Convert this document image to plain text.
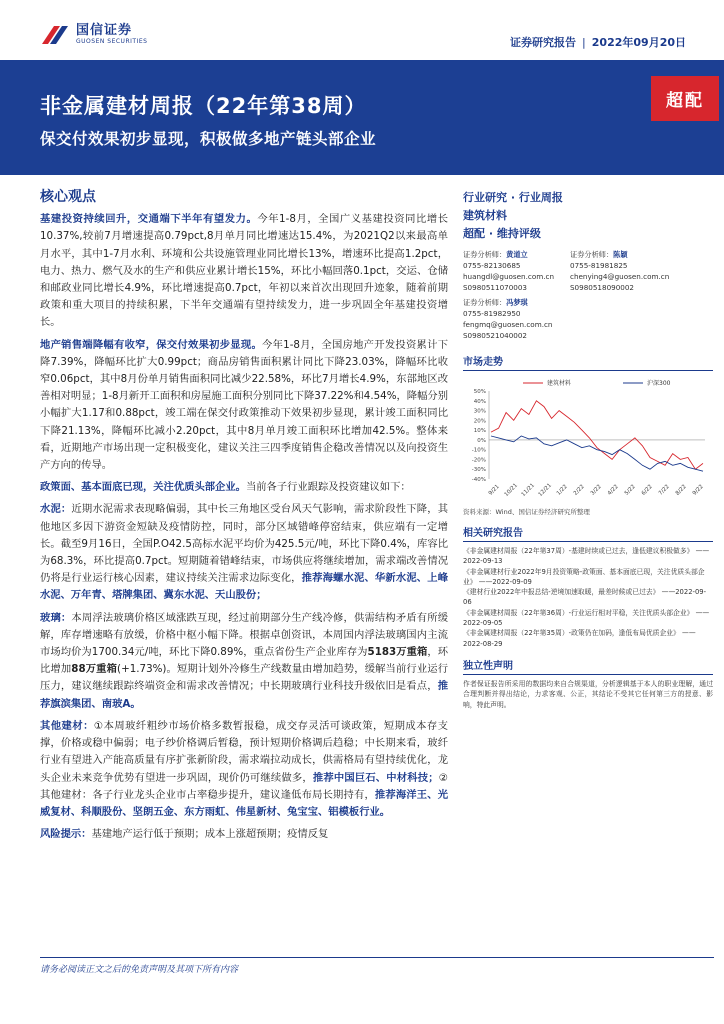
国信证券
GUOSEN SECURITIES	证券研究报告 | 2022年09月20日
非金属建材周报（22年第38周）
保交付效果初步显现，积极做多地产链头部企业
超配
核心观点
基建投资持续回升，交通端下半年有望发力。今年1-8月，全国广义基建投资同比增长10.37%,较前7月增速提高0.79pct,8月单月同比增速达15.4%，为2021Q2以来最高单月水平，其中1-7月水利、环境和公共设施管理业同比增长13%，增速环比提高1.2pct，电力、热力、燃气及水的生产和供应业累计增长15%，环比小幅回落0.1pct，交运、仓储和邮政业同比增长4.9%，环比增速提高0.7pct，年初以来首次出现回升迹象，随着前期政策和重大项目的持续积累，下半年交通端有望持续发力，进一步巩固全年基建投资增长。
地产销售端降幅有收窄，保交付效果初步显现。今年1-8月，全国房地产开发投资累计下降7.39%，降幅环比扩大0.99pct；商品房销售面积累计同比下降23.03%，降幅环比收窄0.06pct，其中8月份单月销售面积同比减少22.58%，环比7月增长4.9%，东部地区改善相对明显；1-8月新开工面积和房屋施工面积分别同比下降37.22%和4.54%，降幅分别小幅扩大1.17和0.88pct，竣工端在保交付政策推动下效果初步显现，累计竣工面积同比下降21.13%，降幅环比减小2.20pct，其中8月单月竣工面积环比增加42.5%。整体来看，近期地产市场出现一定积极变化，建议关注三四季度销售企稳改善情况以及向投资生产方向的传导。
政策面、基本面底已现，关注优质头部企业。当前各子行业跟踪及投资建议如下：
水泥：近期水泥需求表现略偏弱，其中长三角地区受台风天气影响，需求阶段性下降，其他地区多因下游资金短缺及疫情防控，同时，部分区域错峰停窑结束，供应端有一定增长。截至9月16日，全国P.O42.5高标水泥平均价为425.5元/吨，环比下降0.4%，库容比为68.3%，环比提高0.7pct。短期随着错峰结束，市场供应将继续增加，需求端改善情况仍将是行业运行核心因素，建议持续关注需求边际变化，推荐海螺水泥、华新水泥、上峰水泥、万年青、塔牌集团、冀东水泥、天山股份；
玻璃：本周浮法玻璃价格区域涨跌互现，经过前期部分生产线冷修，供需结构矛盾有所缓解，库存增速略有放缓，价格中枢小幅下降。根据卓创资讯，本周国内浮法玻璃国内主流市场均价为1700.34元/吨，环比下降0.89%，重点省份生产企业库存为5183万重箱，环比增加88万重箱(+1.73%)。短期计划外冷修生产线数量由增加趋势，缓解当前行业运行压力，建议继续跟踪终端资金和需求改善情况；中长期玻璃行业科技升级依旧是看点，推荐旗滨集团、南玻A。
其他建材：①本周玻纤粗纱市场价格多数暂报稳，成交存灵活可谈政策，短期成本存支撑，价格或稳中偏弱；电子纱价格调后暂稳，预计短期价格调后趋稳；中长期来看，玻纤行业有望进入产能高质量有序扩张新阶段，需求端拉动成长，供需格局有望持续优化，龙头企业未来竞争优势有望进一步巩固，现价仍可继续做多，推荐中国巨石、中材科技；②其他建材：各子行业龙头企业市占率稳步提升，建议逢低布局长期持有，推荐海洋王、光威复材、科顺股份、坚朗五金、东方雨虹、伟星新材、兔宝宝、铝模板行业。
风险提示：基建地产运行低于预期；成本上涨超预期；疫情反复
行业研究 · 行业周报
建筑材料
超配 · 维持评级
证券分析师：黄道立
0755-82130685
huangdl@guosen.com.cn
S0980511070003
证券分析师：陈颖
0755-81981825
chenying4@guosen.com.cn
S0980518090002
证券分析师：冯梦琪
0755-81982950
fengmq@guosen.com.cn
S0980521040002
市场走势
50%
40%
30%
20%
10%
0%
-10%
-20%
-30%
-40%
9/21 10/21 11/21 12/21 1/22 2/22 3/22 4/22 5/22 6/22 7/22 8/22 9/22
建筑材料	沪深300
资料来源：Wind、国信证券经济研究所整理
相关研究报告
《非金属建材周报（22年第37周）-基建时续或已过去，逢低建议积极做多》 ——2022-09-13
《非金属建材行业2022年9月投资策略-政策面、基本面底已现，关注优质头部企业》 ——2022-09-09
《建材行业2022年中报总结-逆境加速取暖，最差时候或已过去》 ——2022-09-06
《非金属建材周报（22年第36周）-行业运行相对平稳，关注优质头部企业》 ——2022-09-05
《非金属建材周报（22年第35周）-政策仍在加码，逢低布局优质企业》 ——2022-08-29
独立性声明
作者保证报告所采用的数据均来自合规渠道，分析逻辑基于本人的职业理解，通过合理判断并得出结论，力求客观、公正，其结论不受其它任何第三方的授意、影响，特此声明。
请务必阅读正文之后的免责声明及其项下所有内容
